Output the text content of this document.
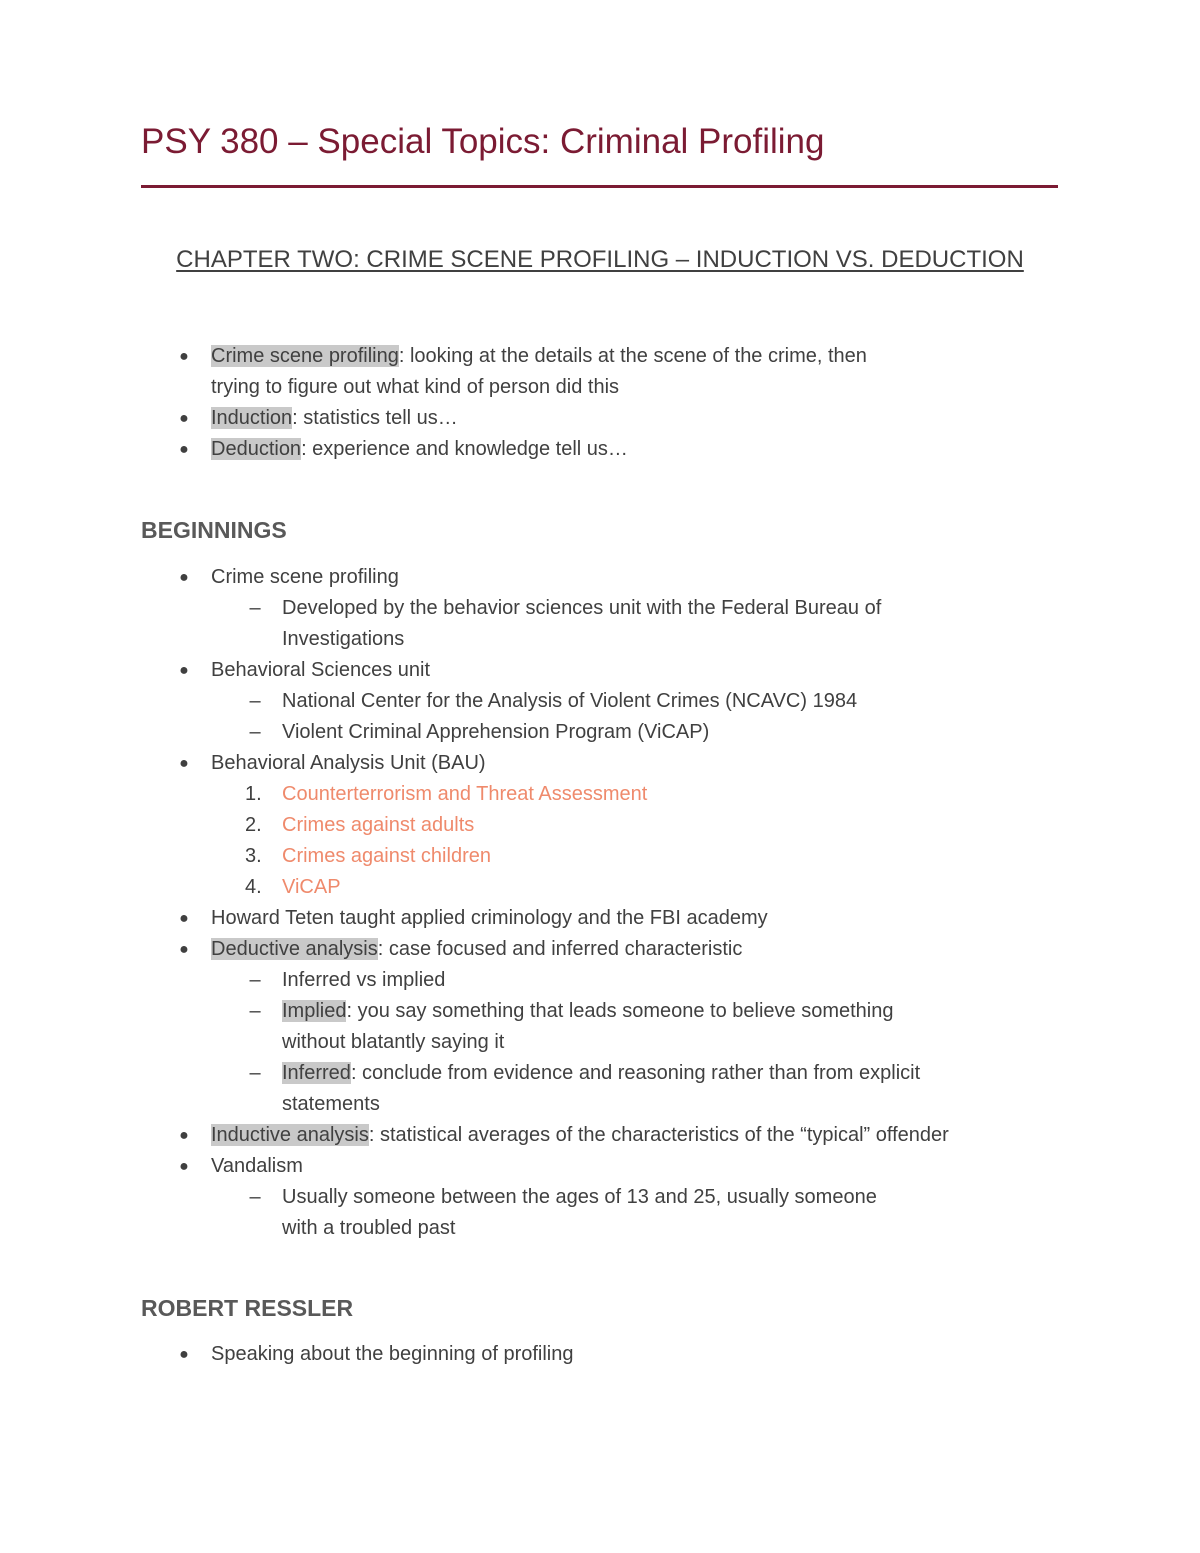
PSY 380 – Special Topics: Criminal Profiling
CHAPTER TWO: CRIME SCENE PROFILING – INDUCTION VS. DEDUCTION
● Crime scene profiling: looking at the details at the scene of the crime, then trying to figure out what kind of person did this
● Induction: statistics tell us…
● Deduction: experience and knowledge tell us…
BEGINNINGS
● Crime scene profiling
– Developed by the behavior sciences unit with the Federal Bureau of Investigations
● Behavioral Sciences unit
– National Center for the Analysis of Violent Crimes (NCAVC) 1984
– Violent Criminal Apprehension Program (ViCAP)
● Behavioral Analysis Unit (BAU)
1.	Counterterrorism and Threat Assessment
2.	Crimes against adults
3.	Crimes against children
4.	ViCAP
● Howard Teten taught applied criminology and the FBI academy
● Deductive analysis: case focused and inferred characteristic
– Inferred vs implied
– Implied: you say something that leads someone to believe something without blatantly saying it
– Inferred: conclude from evidence and reasoning rather than from explicit statements
● Inductive analysis: statistical averages of the characteristics of the “typical” offender
● Vandalism
– Usually someone between the ages of 13 and 25, usually someone with a troubled past
ROBERT RESSLER
● Speaking about the beginning of profiling
